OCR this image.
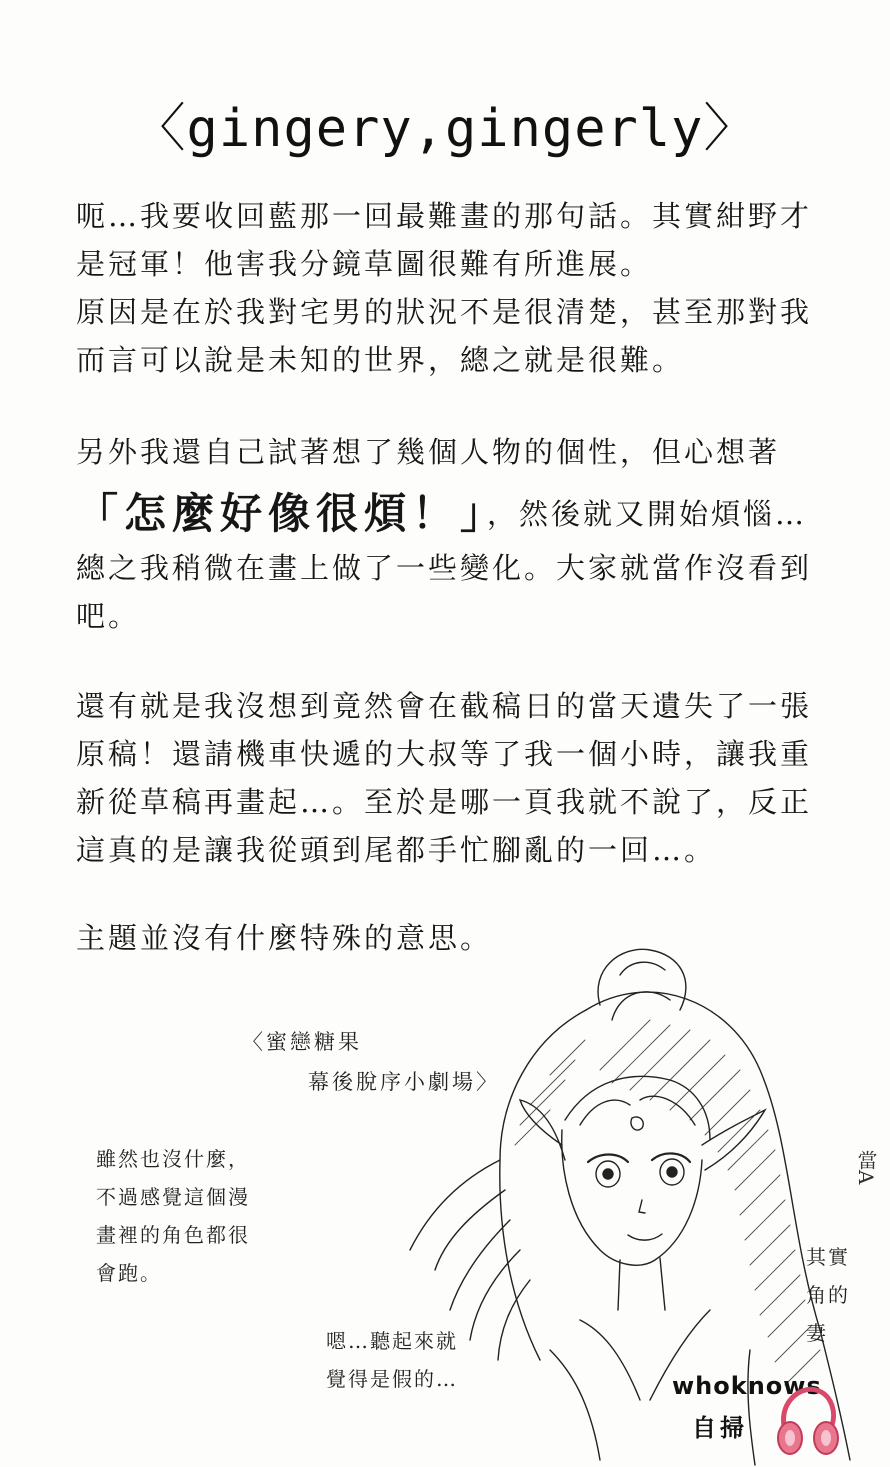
〈gingery,gingerly〉

呃…我要收回藍那一回最難畫的那句話。其實紺野才

是冠軍！他害我分鏡草圖很難有所進展。

原因是在於我對宅男的狀況不是很清楚，甚至那對我

而言可以說是未知的世界，總之就是很難。

另外我還自己試著想了幾個人物的個性，但心想著

「怎麼好像很煩！」，然後就又開始煩惱…

總之我稍微在畫上做了一些變化。大家就當作沒看到

吧。

還有就是我沒想到竟然會在截稿日的當天遺失了一張

原稿！還請機車快遞的大叔等了我一個小時，讓我重

新從草稿再畫起…。至於是哪一頁我就不說了，反正

這真的是讓我從頭到尾都手忙腳亂的一回…。

主題並沒有什麼特殊的意思。

〈蜜戀糖果

幕後脫序小劇場〉

雖然也沒什麼，

不過感覺這個漫

畫裡的角色都很

會跑。

嗯…聽起來就

覺得是假的…

其實

角的

妻

當A
whoknows
自掃
